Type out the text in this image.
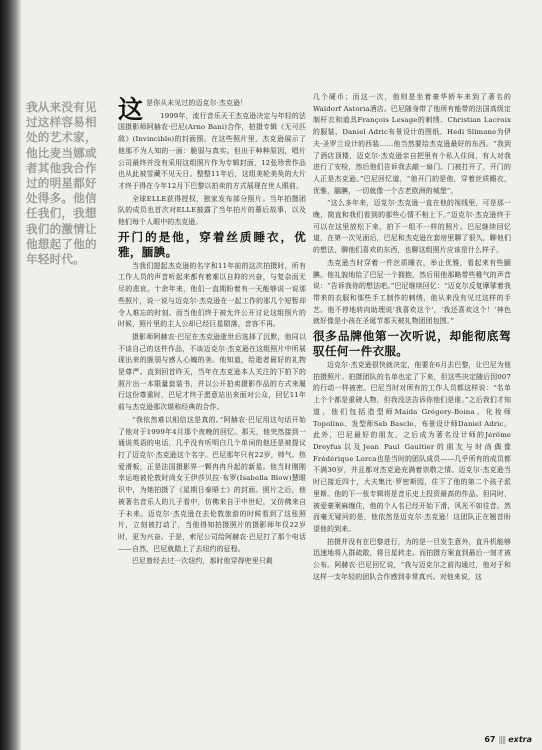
我从来没有见过这样容易相处的艺术家，他比麦当娜或者其他我合作过的明星都好处得多。他信任我们，我想我们的激情让他想起了他的年轻时代。

这是你从未见过的迈克尔·杰克逊！

1999年，流行音乐天王杰克逊决定与年轻的法国摄影师阿赫农·巴尼(Arno Bani)合作，拍摄专辑《无可匹敌》(Invincible)的封面照。在这些照片里，杰克逊展示了他那不为人知的一面：脆弱与真实。但出于种种原因，唱片公司最终并没有采用这组照片作为专辑封面，12张珍贵作品也从此被雪藏不见天日。整整11年后，这组美轮美奂的大片才终于得在今年12月下巴黎以拍卖的方式展现在世人眼前。

全球ELLE获得授权，独家发布部分照片。当年拍摄团队的成员也首次对ELLE披露了当年拍片的幕后故事，以及他们每个人眼中的杰克逊。

开门的是他，穿着丝质睡衣，优雅，腼腆。

当我们提起杰克逊的名字和11年前的这次拍摄时，所有工作人员的声音听起来都有着难以自抑的兴奋，与复杂而无尽的悲哀。十余年来，他们一直期盼着有一天能够说一说那些照片，说一说与迈克尔·杰克逊在一起工作的那几个短暂却令人难忘的时刻。而当他们终于被允许公开讨论这组照片的时候，照片里的主人公却已经巨星陨落，音容不再。

摄影师阿赫农·巴尼在杰克逊逝世后选择了沉默，他同以不谈自己的这件作品，不谈迈克尔·杰克逊在这组照片中所展现出来的脆弱与感人心魄的美。他知道，给逝者最好的礼物是尊严。直到回首昨天，当年在杰克逊本人关注的下拍下的照片出一本限量套装书，并以公开拍卖摄影作品的方式来履行这份尊重时，巴尼才终于愿意站出来面对公众，回忆11年前与杰克逊那次堪称经典的合作。

“我依然难以相信这是真的。”阿赫农·巴尼用这句话开始了他对于1999年4月那个夜晚的回忆。那天，他突然接到一通说英语的电话，几乎没有听明白几个单词的他还是被提议打了迈克尔·杰克逊这个名字。巴尼那年只有22岁，帅气、热爱滑板，正是法国摄影界一颗冉冉升起的新星。他当时刚刚幸运地被伦敦时尚女王伊莎贝拉·布罗(Isabella Blow)慧眼识中，为她拍摄了《星期日泰晤士》的封面。照片之后，他被著名音乐人的儿子看中，仿佛来自于中世纪，又仿佛来自于未来。迈克尔·杰克逊在去伦敦旅游的时候看到了这张照片，立刻被打动了，当他得知拍摄照片的摄影师年仅22岁时，更为兴奋。于是，索尼公司给阿赫农·巴尼打了那个电话——自然，巴尼就踏上了去纽约的征程。

巴尼曾经去过一次纽约，那时他穿得兜里只剩

几个硬币；而这一次，他则是坐着豪华轿车来到了著名的Waldorf Astoria酒店。巴尼随身带了他所有能带的法国高级定制杆衣和道具François Lesage的刺绣、Christian Lacroix的服装、Daniel Adric布景设计的图纸、Hedi Slimane为伊夫·圣罗兰设计的西装……他当然要给杰克逊最好的东西。“我到了酒店顶楼，迈克尔·杰克逊亲自把里有个私人住间，有人对我进行了安检，然后他们告诉我去敲一扇门。门被打开了，开门的人正是杰克逊。”巴尼回忆道，“他开门的是他，穿着丝质睡衣，优雅，腼腆，一切就像一个古老欧洲的城堡”。

“这么多年来，迈克尔·杰克逊一直在他的视线里，可是那一晚，简直和我们看到的那些心情不相上下。”迈克尔·杰克逊终于可以在这里放松下来，拍下一组不一样的照片。巴尼继续回忆道，在第一次见面后，巴尼和杰克逊在套房里聊了很久，聊他们的想法，聊他们喜欢的东西，也聊这组照片应该是什么样子。

杰克逊当时穿着一件丝质睡衣，举止优雅，看起来有些腼腆。他礼貌地给了巴尼一个拥抱，然后用他那略带些稚气的声音说：“告诉我你的想法吧。”巴尼继续回忆：“迈克尔反复摩挲着我带来的衣服和那些手工制作的刺绣，他从来没有见过这样的手艺。他不停地转向助理说‘我喜欢这个’，‘我还喜欢这个！’神色就好像是小孩在圣诞节那天被礼物团团包围。”

很多品牌他第一次听说，却能彻底驾驭任何一件衣服。

迈克尔·杰克逊很快就决定，他要在6月去巴黎，让巴尼为他拍摄照片。拍摄团队的名单也定了下来，但这些决定随后因007的行动一样被密。巴尼当时对所有的工作人员都这样说：“名单上个个都是重磅人物，但我没法告诉你他们是谁。”之后我们才知道，他们包括造型师Maida Grégory-Boina、化妆师Topolino、发型师Seb Bascle、布景设计师Daniel Adric。此外，巴尼最好的朋友，之后成为著名设计师的Jérôme Dreyfus以及Jean Paul Gaultier的朋友与时尚偶像Frédérique Lorca也是当时的团队成员——几乎所有的成员都不满30岁，并且都对杰克逊充满着崇敬之情。迈克尔·杰克逊当时已接近四十，大夫集比·罗密斯园，住下了他的第二个孩子派里斯。他的下一张专辑将是音乐史上投资最高的作品。但同时，被爱豪案麻缠住，他的个人名已经开始下滑，风光不如往昔。然而毫无疑问的是，他依然是迈克尔·杰克逊！这团队正在翘首盼望他的到来。

拍摄并没有在巴黎进行，为的是一旦发生意外，直升机能够迅速地将人群疏散，将日星转走。而拍摄方案直到最后一刻才被公布。阿赫农·巴尼回忆说，“我与迈克尔之前沟通过，他对于和这样一支年轻的团队合作感到非常真兴。对他来说，这

67 |||| extra
